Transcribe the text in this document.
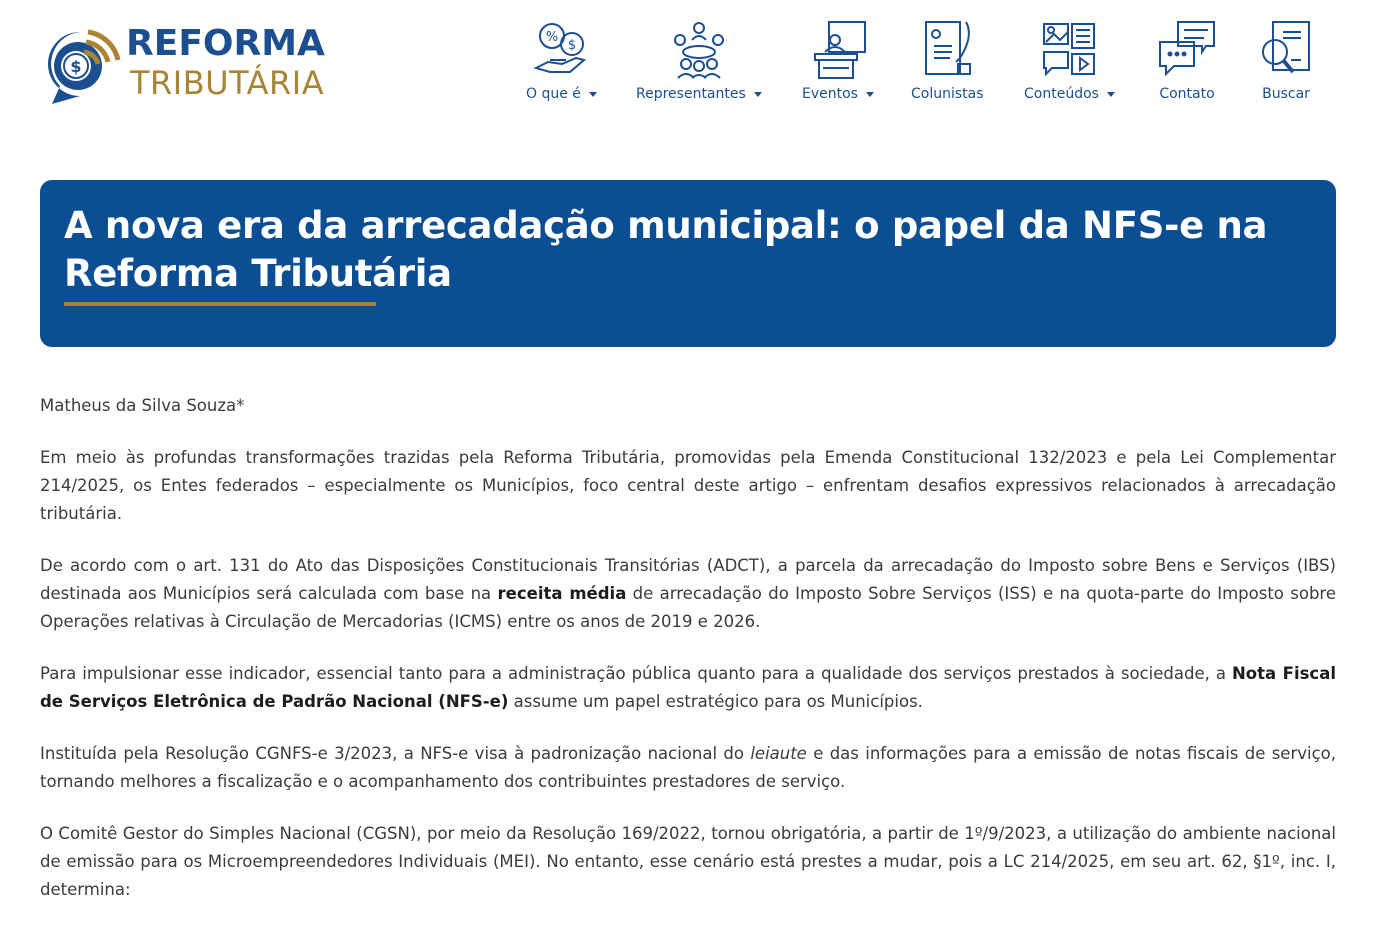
$
REFORMA
TRIBUTÁRIA
%
$
O que é	Representantes	Eventos	Colunistas	Conteúdos	Contato	Buscar
A nova era da arrecadação municipal: o papel da NFS-e na Reforma Tributária

Matheus da Silva Souza*

Em meio às profundas transformações trazidas pela Reforma Tributária, promovidas pela Emenda Constitucional 132/2023 e pela Lei Complementar 214/2025, os Entes federados – especialmente os Municípios, foco central deste artigo – enfrentam desafios expressivos relacionados à arrecadação tributária.

De acordo com o art. 131 do Ato das Disposições Constitucionais Transitórias (ADCT), a parcela da arrecadação do Imposto sobre Bens e Serviços (IBS) destinada aos Municípios será calculada com base na receita média de arrecadação do Imposto Sobre Serviços (ISS) e na quota-parte do Imposto sobre Operações relativas à Circulação de Mercadorias (ICMS) entre os anos de 2019 e 2026.

Para impulsionar esse indicador, essencial tanto para a administração pública quanto para a qualidade dos serviços prestados à sociedade, a Nota Fiscal de Serviços Eletrônica de Padrão Nacional (NFS-e) assume um papel estratégico para os Municípios.

Instituída pela Resolução CGNFS-e 3/2023, a NFS-e visa à padronização nacional do leiaute e das informações para a emissão de notas fiscais de serviço, tornando melhores a fiscalização e o acompanhamento dos contribuintes prestadores de serviço.

O Comitê Gestor do Simples Nacional (CGSN), por meio da Resolução 169/2022, tornou obrigatória, a partir de 1º/9/2023, a utilização do ambiente nacional de emissão para os Microempreendedores Individuais (MEI). No entanto, esse cenário está prestes a mudar, pois a LC 214/2025, em seu art. 62, §1º, inc. I, determina:
